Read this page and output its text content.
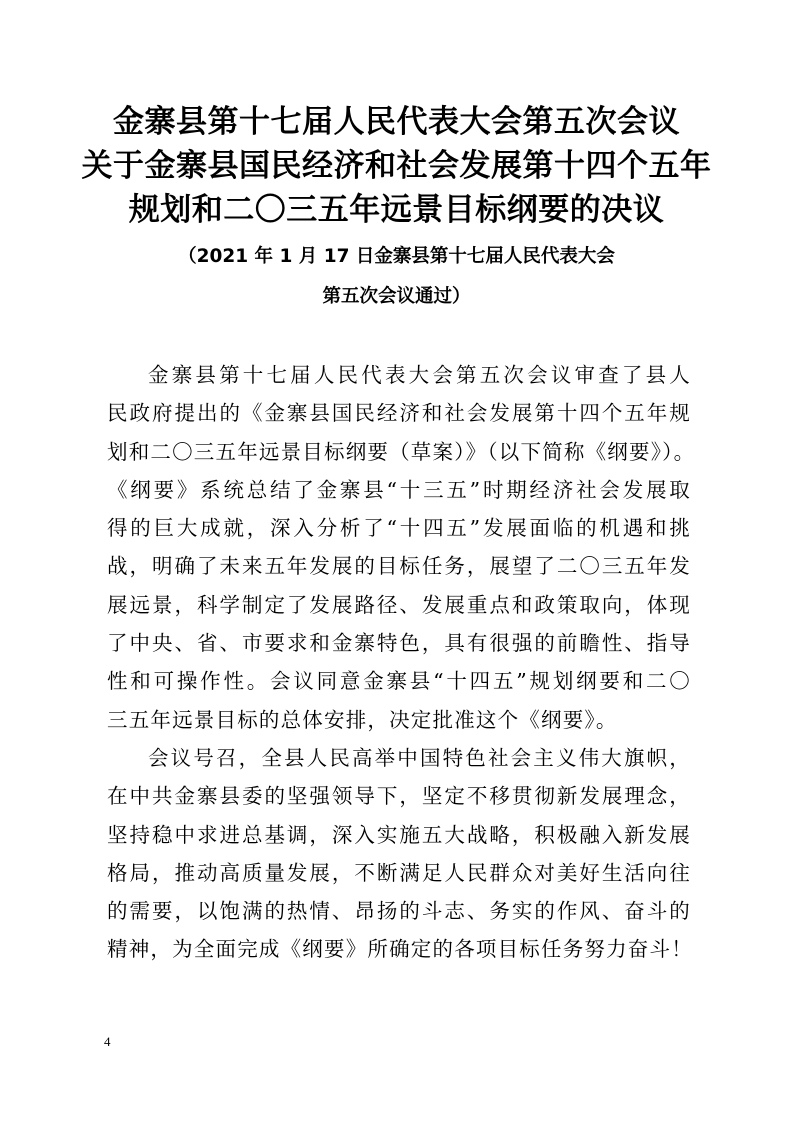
金寨县第十七届人民代表大会第五次会议
关于金寨县国民经济和社会发展第十四个五年
规划和二〇三五年远景目标纲要的决议
（2021 年 1 月 17 日金寨县第十七届人民代表大会
第五次会议通过）
金寨县第十七届人民代表大会第五次会议审查了县人
民政府提出的《金寨县国民经济和社会发展第十四个五年规
划和二〇三五年远景目标纲要（草案）》（以下简称《纲要》）。
《纲要》系统总结了金寨县“十三五”时期经济社会发展取
得的巨大成就，深入分析了“十四五”发展面临的机遇和挑
战，明确了未来五年发展的目标任务，展望了二〇三五年发
展远景，科学制定了发展路径、发展重点和政策取向，体现
了中央、省、市要求和金寨特色，具有很强的前瞻性、指导
性和可操作性。会议同意金寨县“十四五”规划纲要和二〇
三五年远景目标的总体安排，决定批准这个《纲要》。
会议号召，全县人民高举中国特色社会主义伟大旗帜，
在中共金寨县委的坚强领导下，坚定不移贯彻新发展理念，
坚持稳中求进总基调，深入实施五大战略，积极融入新发展
格局，推动高质量发展，不断满足人民群众对美好生活向往
的需要，以饱满的热情、昂扬的斗志、务实的作风、奋斗的
精神，为全面完成《纲要》所确定的各项目标任务努力奋斗！
4
